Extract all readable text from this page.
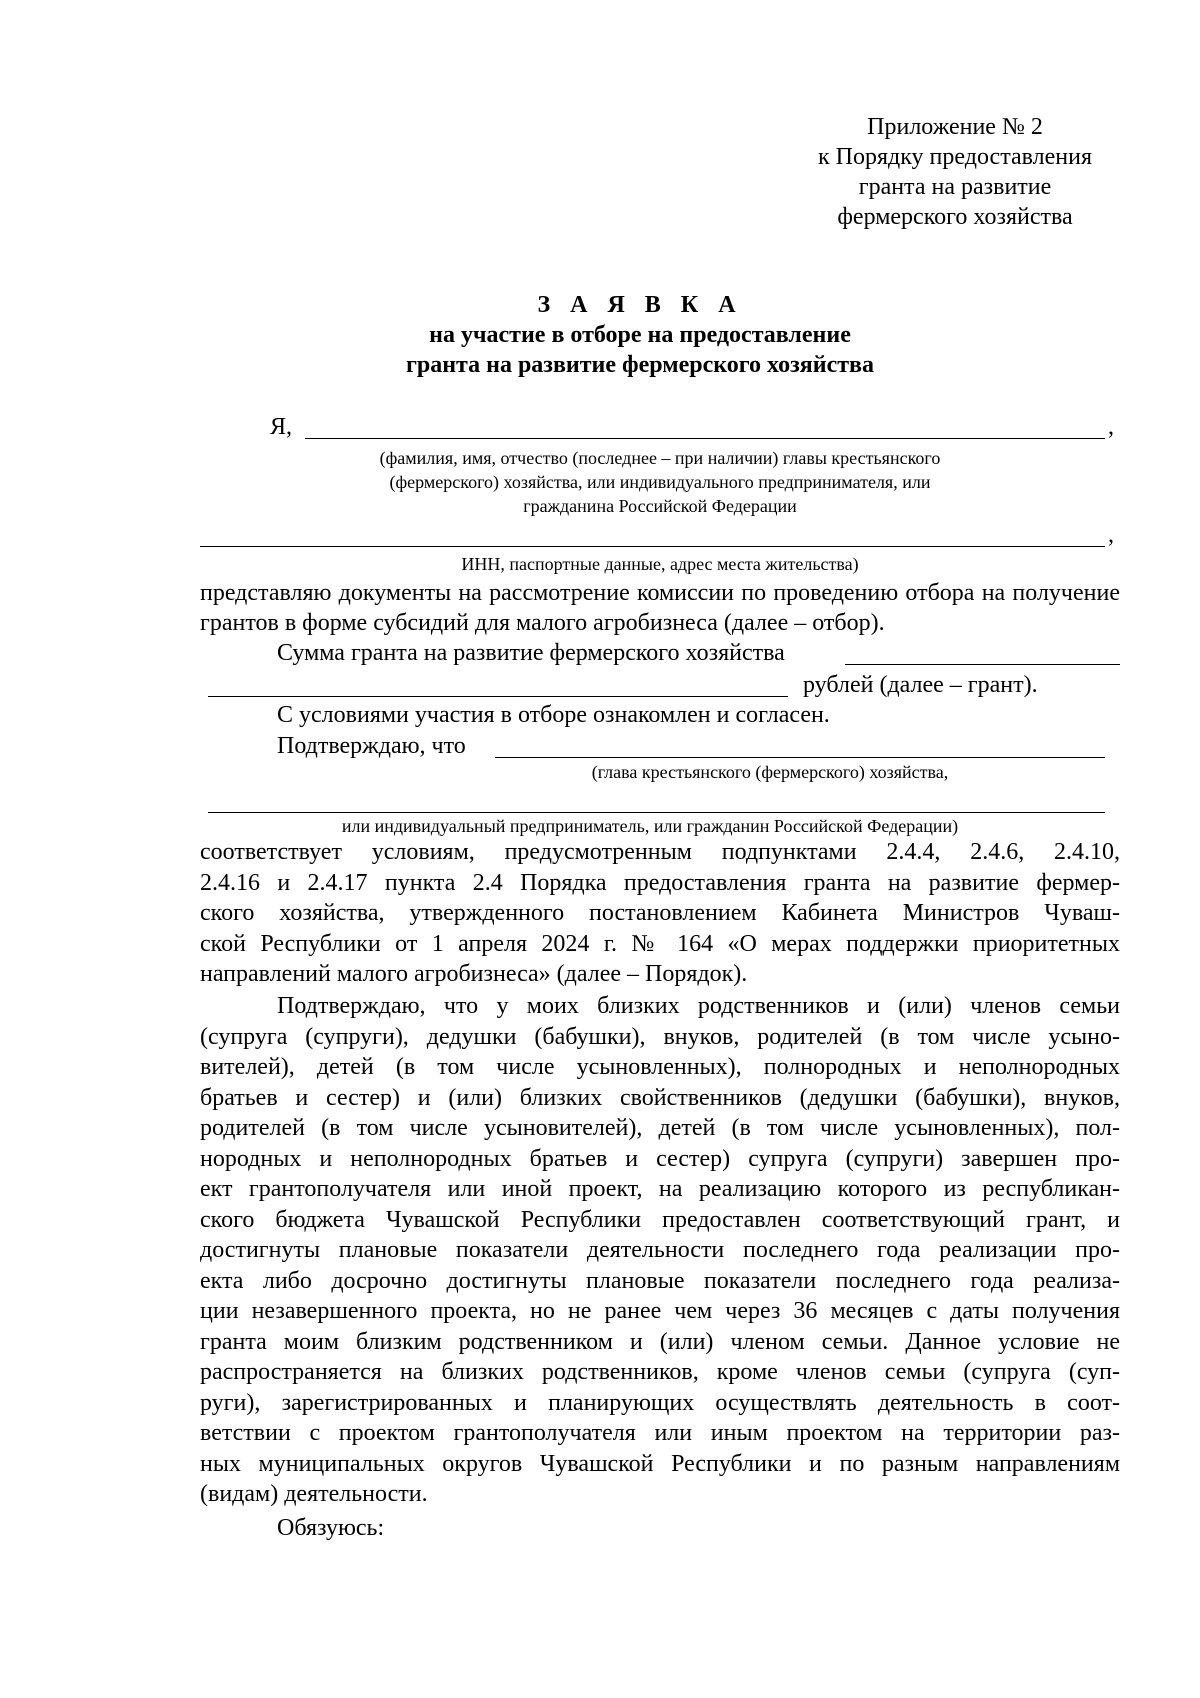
Приложение № 2
к Порядку предоставления
гранта на развитие
фермерского хозяйства
З А Я В К А
на участие в отборе на предоставление
гранта на развитие фермерского хозяйства
Я,	,
(фамилия, имя, отчество (последнее – при наличии) главы крестьянского
(фермерского) хозяйства, или индивидуального предпринимателя, или
гражданина Российской Федерации
,
ИНН, паспортные данные, адрес места жительства)
представляю документы на рассмотрение комиссии по проведению отбора на получение грантов в форме субсидий для малого агробизнеса (далее – отбор).
Сумма гранта на развитие фермерского хозяйства
рублей (далее – грант).
С условиями участия в отборе ознакомлен и согласен.
Подтверждаю, что
(глава крестьянского (фермерского) хозяйства,
или индивидуальный предприниматель, или гражданин Российской Федерации)
соответствует условиям, предусмотренным подпунктами 2.4.4, 2.4.6, 2.4.10,
2.4.16 и 2.4.17 пункта 2.4 Порядка предоставления гранта на развитие фермер-
ского хозяйства, утвержденного постановлением Кабинета Министров Чуваш-
ской Республики от 1 апреля 2024 г. № 164 «О мерах поддержки приоритетных
направлений малого агробизнеса» (далее – Порядок).
Подтверждаю, что у моих близких родственников и (или) членов семьи
(супруга (супруги), дедушки (бабушки), внуков, родителей (в том числе усыно-
вителей), детей (в том числе усыновленных), полнородных и неполнородных
братьев и сестер) и (или) близких свойственников (дедушки (бабушки), внуков,
родителей (в том числе усыновителей), детей (в том числе усыновленных), пол-
нородных и неполнородных братьев и сестер) супруга (супруги) завершен про-
ект грантополучателя или иной проект, на реализацию которого из республикан-
ского бюджета Чувашской Республики предоставлен соответствующий грант, и
достигнуты плановые показатели деятельности последнего года реализации про-
екта либо досрочно достигнуты плановые показатели последнего года реализа-
ции незавершенного проекта, но не ранее чем через 36 месяцев с даты получения
гранта моим близким родственником и (или) членом семьи. Данное условие не
распространяется на близких родственников, кроме членов семьи (супруга (суп-
руги), зарегистрированных и планирующих осуществлять деятельность в соот-
ветствии с проектом грантополучателя или иным проектом на территории раз-
ных муниципальных округов Чувашской Республики и по разным направлениям
(видам) деятельности.
Обязуюсь:
